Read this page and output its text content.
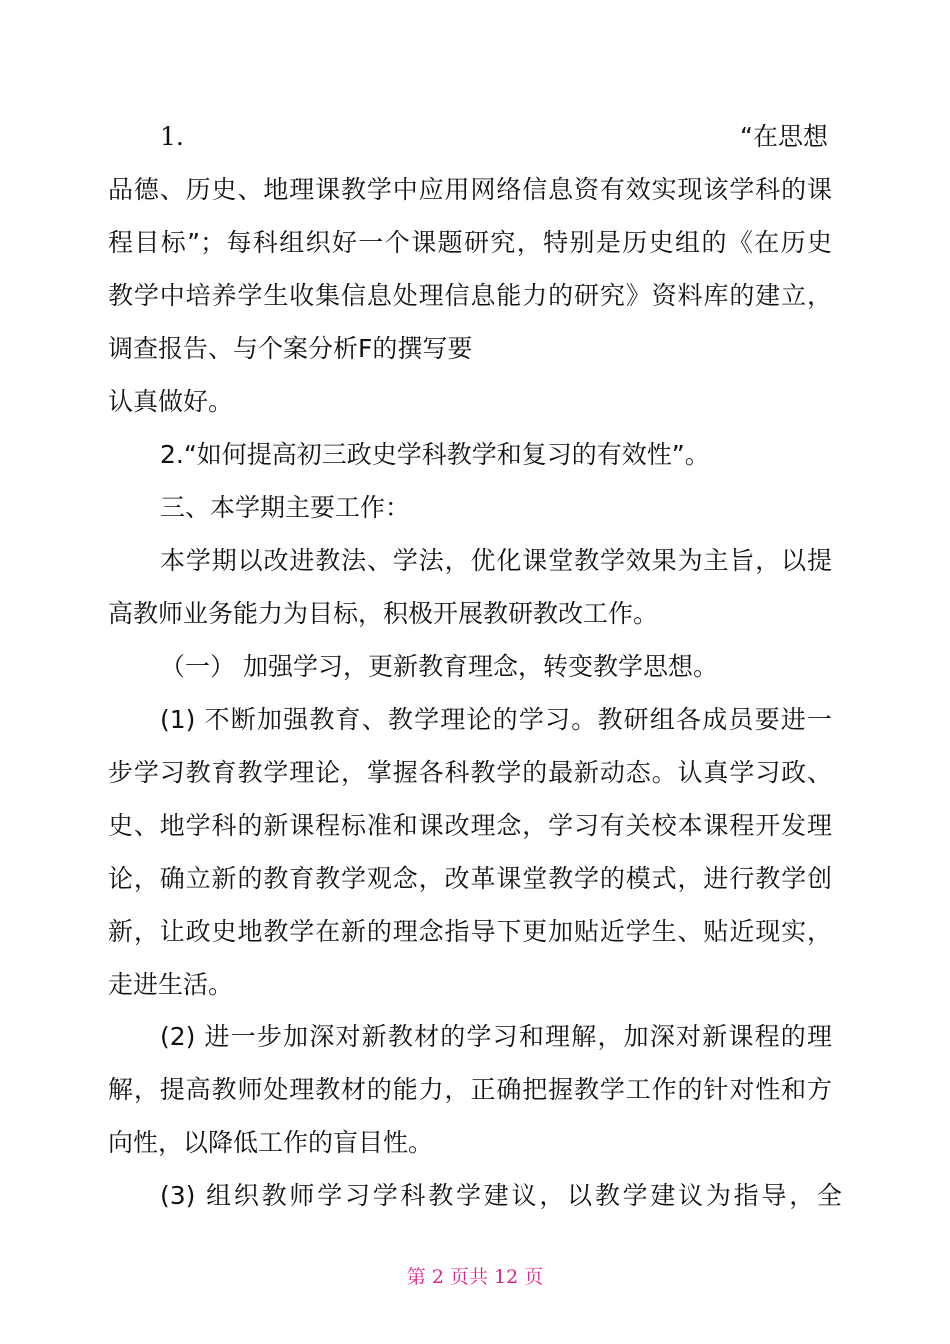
1.	“在思想
品德、历史、地理课教学中应用网络信息资有效实现该学科的课
程目标”；每科组织好一个课题研究，特别是历史组的《在历史
教学中培养学生收集信息处理信息能力的研究》资料库的建立，
调查报告、与个案分析F的撰写要
认真做好。
2.“如何提高初三政史学科教学和复习的有效性”。
三、本学期主要工作：
本学期以改进教法、学法，优化课堂教学效果为主旨，以提
高教师业务能力为目标，积极开展教研教改工作。
（一） 加强学习，更新教育理念，转变教学思想。
(1) 不断加强教育、教学理论的学习。教研组各成员要进一
步学习教育教学理论，掌握各科教学的最新动态。认真学习政、
史、地学科的新课程标准和课改理念，学习有关校本课程开发理
论，确立新的教育教学观念，改革课堂教学的模式，进行教学创
新，让政史地教学在新的理念指导下更加贴近学生、贴近现实，
走进生活。
(2) 进一步加深对新教材的学习和理解，加深对新课程的理
解，提高教师处理教材的能力，正确把握教学工作的针对性和方
向性，以降低工作的盲目性。
(3) 组织教师学习学科教学建议，以教学建议为指导，全
第 2 页共 12 页
